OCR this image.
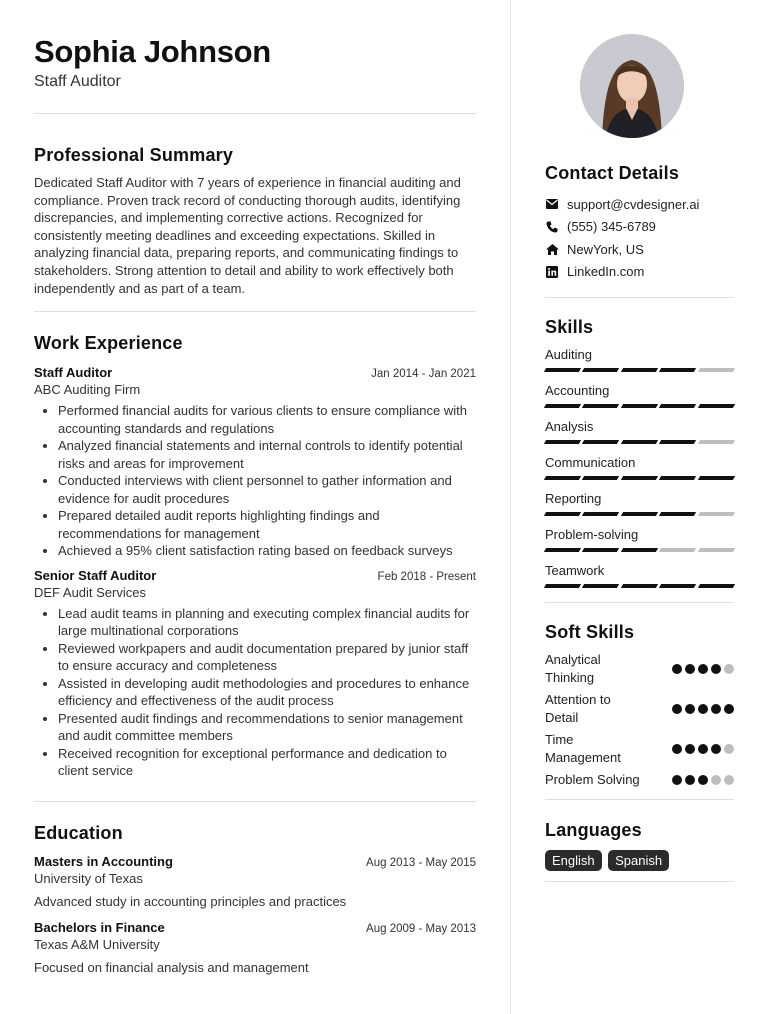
Sophia Johnson
Staff Auditor
Professional Summary
Dedicated Staff Auditor with 7 years of experience in financial auditing and compliance. Proven track record of conducting thorough audits, identifying discrepancies, and implementing corrective actions. Recognized for consistently meeting deadlines and exceeding expectations. Skilled in analyzing financial data, preparing reports, and communicating findings to stakeholders. Strong attention to detail and ability to work effectively both independently and as part of a team.
Work Experience
Staff Auditor	Jan 2014 - Jan 2021
ABC Auditing Firm
• Performed financial audits for various clients to ensure compliance with accounting standards and regulations
• Analyzed financial statements and internal controls to identify potential risks and areas for improvement
• Conducted interviews with client personnel to gather information and evidence for audit procedures
• Prepared detailed audit reports highlighting findings and recommendations for management
• Achieved a 95% client satisfaction rating based on feedback surveys
Senior Staff Auditor	Feb 2018 - Present
DEF Audit Services
• Lead audit teams in planning and executing complex financial audits for large multinational corporations
• Reviewed workpapers and audit documentation prepared by junior staff to ensure accuracy and completeness
• Assisted in developing audit methodologies and procedures to enhance efficiency and effectiveness of the audit process
• Presented audit findings and recommendations to senior management and audit committee members
• Received recognition for exceptional performance and dedication to client service
Education
Masters in Accounting	Aug 2013 - May 2015
University of Texas
Advanced study in accounting principles and practices
Bachelors in Finance	Aug 2009 - May 2013
Texas A&M University
Focused on financial analysis and management
Contact Details
support@cvdesigner.ai
(555) 345-6789
NewYork, US
LinkedIn.com
Skills
Auditing
Accounting
Analysis
Communication
Reporting
Problem-solving
Teamwork
Soft Skills
Analytical Thinking
Attention to Detail
Time Management
Problem Solving
Languages
English Spanish
